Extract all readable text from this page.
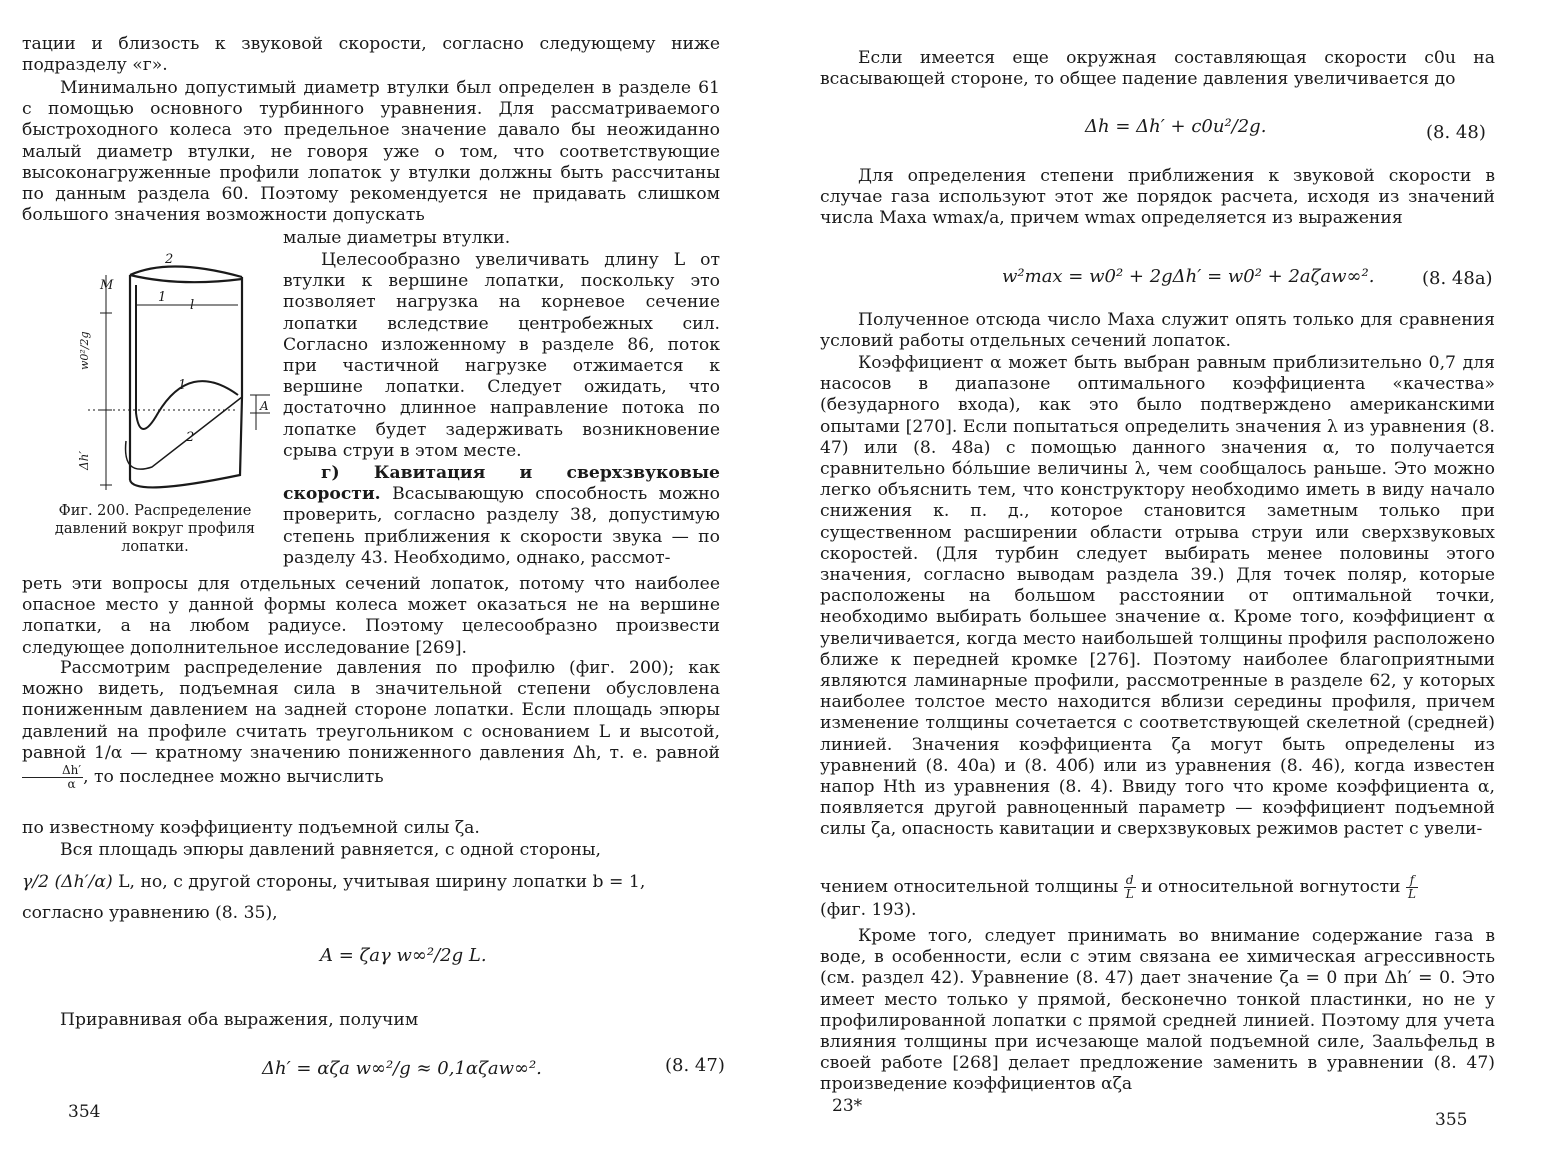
тации и близость к звуковой скорости, согласно следующему ниже подразделу «г».

Минимально допустимый диаметр втулки был определен в разделе 61 с помощью основного турбинного уравнения. Для рассматриваемого быстроходного колеса это предельное значение давало бы неожиданно малый диаметр втулки, не говоря уже о том, что соответствующие высоконагруженные профили лопаток у втулки должны быть рассчитаны по данным раздела 60. Поэтому рекомендуется не придавать слишком большого значения возможности допускать

малые диаметры втулки.

2
M
1
l
1
2
A
w0²/2g
Δh′
Фиг. 200. Распределение давлений вокруг профиля лопатки.

Целесообразно увеличивать длину L от втулки к вершине лопатки, поскольку это позволяет нагрузка на корневое сечение лопатки вследствие центробежных сил. Согласно изложенному в разделе 86, поток при частичной нагрузке отжимается к вершине лопатки. Следует ожидать, что достаточно длинное направление потока по лопатке будет задерживать возникновение срыва струи в этом месте.

г) Кавитация и сверхзвуковые скорости. Всасывающую способность можно проверить, согласно разделу 38, допустимую степень приближения к скорости звука — по разделу 43. Необходимо, однако, рассмот-

реть эти вопросы для отдельных сечений лопаток, потому что наиболее опасное место у данной формы колеса может оказаться не на вершине лопатки, а на любом радиусе. Поэтому целесообразно произвести следующее дополнительное исследование [269].

Рассмотрим распределение давления по профилю (фиг. 200); как можно видеть, подъемная сила в значительной степени обусловлена пониженным давлением на задней стороне лопатки. Если площадь эпюры давлений на профиле считать треугольником с основанием L и высотой, равной 1/α — кратному значению пониженного давления Δh, т. е. равной
$\frac{\Delta h'}{\alpha}$ , то последнее можно вычислить

по известному коэффициенту подъемной силы ζa.

Вся площадь эпюры давлений равняется, с одной стороны,

γ/2 (Δh′/α) L, но, с другой стороны, учитывая ширину лопатки b = 1,

согласно уравнению (8. 35),

A = ζaγ w∞²/2g L.

Приравнивая оба выражения, получим

Δh′ = αζa w∞²/g ≈ 0,1αζaw∞².	(8. 47)
354

Если имеется еще окружная составляющая скорости c0u на всасывающей стороне, то общее падение давления увеличивается до

Δh = Δh′ + c0u²/2g.	(8. 48)

Для определения степени приближения к звуковой скорости в случае газа используют этот же порядок расчета, исходя из значений числа Маха wmax/a, причем wmax определяется из выражения

w²max = w0² + 2gΔh′ = w0² + 2aζaw∞².	(8. 48a)

Полученное отсюда число Маха служит опять только для сравнения условий работы отдельных сечений лопаток.

Коэффициент α может быть выбран равным приблизительно 0,7 для насосов в диапазоне оптимального коэффициента «качества» (безударного входа), как это было подтверждено американскими опытами [270]. Если попытаться определить значения λ из уравнения (8. 47) или (8. 48а) с помощью данного значения α, то получается сравнительно бо́льшие величины λ, чем сообщалось раньше. Это можно легко объяснить тем, что конструктору необходимо иметь в виду начало снижения к. п. д., которое становится заметным только при существенном расширении области отрыва струи или сверхзвуковых скоростей. (Для турбин следует выбирать менее половины этого значения, согласно выводам раздела 39.) Для точек поляр, которые расположены на большом расстоянии от оптимальной точки, необходимо выбирать большее значение α. Кроме того, коэффициент α увеличивается, когда место наибольшей толщины профиля расположено ближе к передней кромке [276]. Поэтому наиболее благоприятными являются ламинарные профили, рассмотренные в разделе 62, у которых наиболее толстое место находится вблизи середины профиля, причем изменение толщины сочетается с соответствующей скелетной (средней) линией. Значения коэффициента ζa могут быть определены из уравнений (8. 40а) и (8. 40б) или из уравнения (8. 46), когда известен напор Hth из уравнения (8. 4). Ввиду того что кроме коэффициента α, появляется другой равноценный параметр — коэффициент подъемной силы ζa, опасность кавитации и сверхзвуковых режимов растет с увели-

чением относительной толщины $\frac{d}{L}$ и относительной вогнутости $\frac{f}{L}$

(фиг. 193).

Кроме того, следует принимать во внимание содержание газа в воде, в особенности, если с этим связана ее химическая агрессивность (см. раздел 42). Уравнение (8. 47) дает значение ζa = 0 при Δh′ = 0. Это имеет место только у прямой, бесконечно тонкой пластинки, но не у профилированной лопатки с прямой средней линией. Поэтому для учета влияния толщины при исчезающе малой подъемной силе, Заальфельд в своей работе [268] делает предложение заменить в уравнении (8. 47) произведение коэффициентов αζa

23*
355
